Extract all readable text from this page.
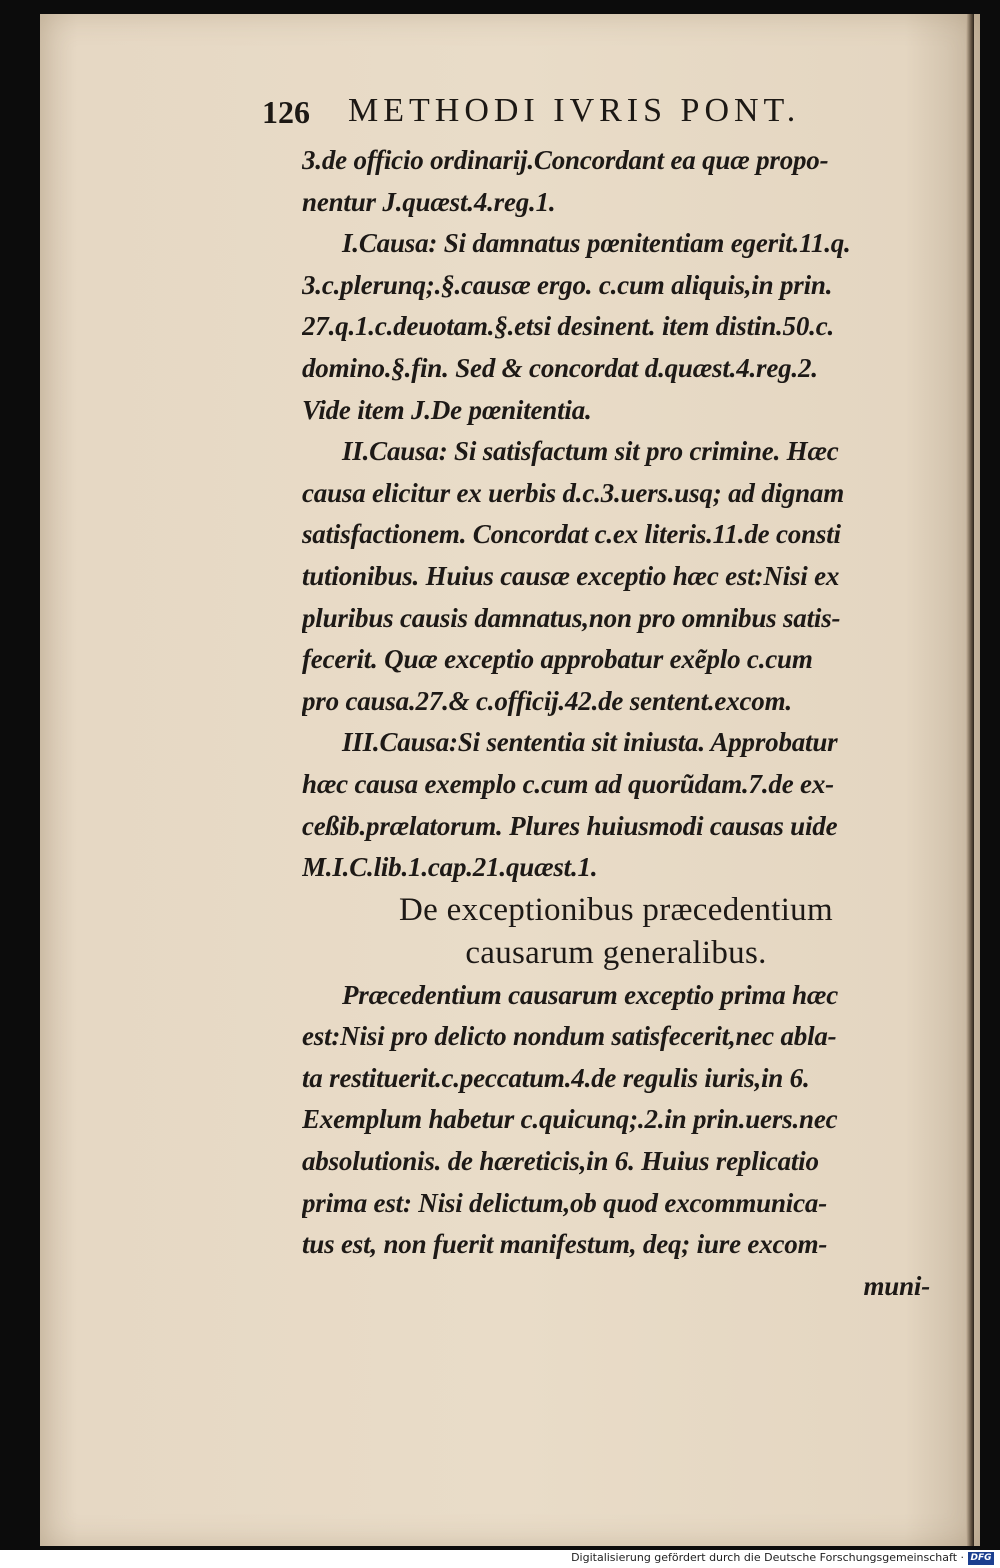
126 METHODI IVRIS PONT.
3.de officio ordinarij.Concordant ea quæ propo-
nentur J.quæst.4.reg.1.
I.Causa: Si damnatus pœnitentiam egerit.11.q.
3.c.plerunq;.§.causæ ergo. c.cum aliquis,in prin.
27.q.1.c.deuotam.§.etsi desinent. item distin.50.c.
domino.§.fin. Sed & concordat d.quæst.4.reg.2.
Vide item J.De pœnitentia.
II.Causa: Si satisfactum sit pro crimine. Hæc
causa elicitur ex uerbis d.c.3.uers.usq; ad dignam
satisfactionem. Concordat c.ex literis.11.de consti
tutionibus. Huius causæ exceptio hæc est:Nisi ex
pluribus causis damnatus,non pro omnibus satis-
fecerit. Quæ exceptio approbatur exẽplo c.cum
pro causa.27.& c.officij.42.de sentent.excom.
III.Causa:Si sententia sit iniusta. Approbatur
hæc causa exemplo c.cum ad quorũdam.7.de ex-
ceßib.prælatorum. Plures huiusmodi causas uide
M.I.C.lib.1.cap.21.quæst.1.
De exceptionibus præcedentium
causarum generalibus.
Præcedentium causarum exceptio prima hæc
est:Nisi pro delicto nondum satisfecerit,nec abla-
ta restituerit.c.peccatum.4.de regulis iuris,in 6.
Exemplum habetur c.quicunq;.2.in prin.uers.nec
absolutionis. de hæreticis,in 6. Huius replicatio
prima est: Nisi delictum,ob quod excommunica-
tus est, non fuerit manifestum, deq; iure excom-
muni-
Digitalisierung gefördert durch die Deutsche Forschungsgemeinschaft · DFG
